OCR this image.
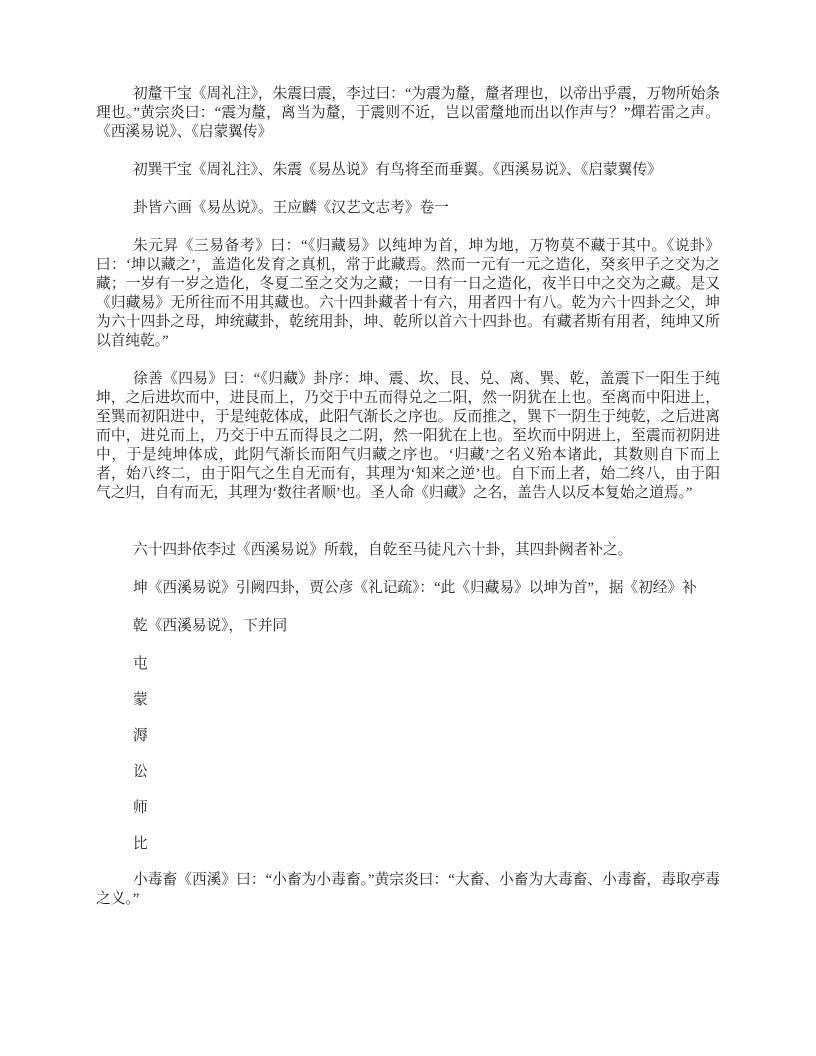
初釐干宝《周礼注》，朱震曰震，李过曰：“为震为釐，釐者理也，以帝出乎震，万物所始条理也。”黄宗炎曰：“震为釐，离当为釐，于震则不近，岂以雷釐地而出以作声与？”燀若雷之声。《西溪易说》、《启蒙翼传》

初巽干宝《周礼注》、朱震《易丛说》有鸟将至而垂翼。《西溪易说》、《启蒙翼传》

卦皆六画《易丛说》。王应麟《汉艺文志考》卷一

朱元昇《三易备考》曰：“《归藏易》以纯坤为首，坤为地，万物莫不藏于其中。《说卦》曰：‘坤以藏之’，盖造化发育之真机，常于此藏焉。然而一元有一元之造化，癸亥甲子之交为之藏；一岁有一岁之造化，冬夏二至之交为之藏；一日有一日之造化，夜半日中之交为之藏。是又《归藏易》无所往而不用其藏也。六十四卦藏者十有六，用者四十有八。乾为六十四卦之父，坤为六十四卦之母，坤统藏卦，乾统用卦，坤、乾所以首六十四卦也。有藏者斯有用者，纯坤又所以首纯乾。”

徐善《四易》曰：“《归藏》卦序：坤、震、坎、艮、兑、离、巽、乾，盖震下一阳生于纯坤，之后进坎而中，进艮而上，乃交于中五而得兑之二阳，然一阴犹在上也。至离而中阳进上，至巽而初阳进中，于是纯乾体成，此阳气渐长之序也。反而推之，巽下一阴生于纯乾，之后进离而中，进兑而上，乃交于中五而得艮之二阴，然一阳犹在上也。至坎而中阴进上，至震而初阴进中，于是纯坤体成，此阴气渐长而阳气归藏之序也。‘归藏’之名义殆本诸此，其数则自下而上者，始八终二，由于阳气之生自无而有，其理为‘知来之逆’也。自下而上者，始二终八，由于阳气之归，自有而无，其理为‘数往者顺’也。圣人命《归藏》之名，盖告人以反本复始之道焉。”

六十四卦依李过《西溪易说》所载，自乾至马徒凡六十卦，其四卦阙者补之。

坤《西溪易说》引阙四卦，贾公彦《礼记疏》：“此《归藏易》以坤为首”，据《初经》补

乾《西溪易说》，下并同

屯

蒙

溽

讼

师

比

小毒畜《西溪》曰：“小畜为小毒畜。”黄宗炎曰：“大畜、小畜为大毒畜、小毒畜，毒取亭毒之义。”
